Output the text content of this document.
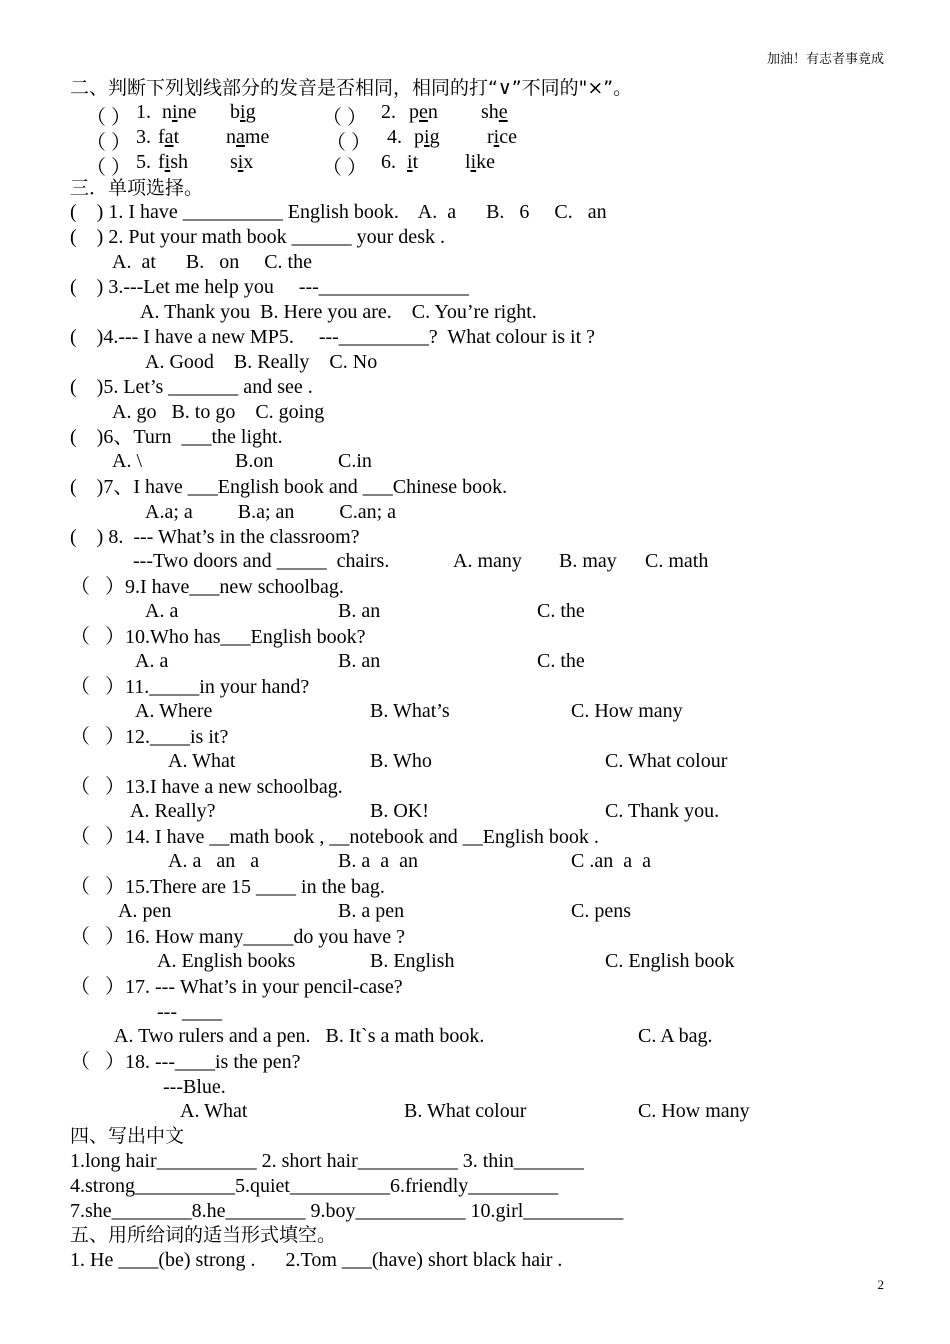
加油！有志者事竟成
二、判断下列划线部分的发音是否相同，相同的打“∨”不同的"×”。
（ ） 1. nine big	（ ） 2. pen she
（ ） 3. fat name	（ ） 4. pig rice
（ ） 5. fish six	（ ） 6. it like
三．单项选择。
(    ) 1. I have __________ English book.    A.  a      B.   6     C.   an
(    ) 2. Put your math book ______ your desk .
A.  at      B.   on     C. the
(    ) 3.---Let me help you     ---_______________
A. Thank you  B. Here you are.    C. You’re right.
(    )4.--- I have a new MP5.     ---_________?  What colour is it ?
A. Good    B. Really    C. No
(    )5. Let’s _______ and see .
A. go   B. to go    C. going
(    )6、Turn  ___the light.
A. \	B.on	C.in
(    )7、I have ___English book and ___Chinese book.
A.a; a         B.a; an         C.an; a
(    ) 8.  --- What’s in the classroom?
---Two doors and _____  chairs.	A. many B. may C. math
（   ）9.I have___new schoolbag.
A. a	B. an	C. the
（   ）10.Who has___English book?
A. a	B. an	C. the
（   ）11._____in your hand?
A. Where	B. What’s	C. How many
（   ）12.____is it?
A. What	B. Who	C. What colour
（   ）13.I have a new schoolbag.
A. Really?	B. OK!	C. Thank you.
（   ）14. I have __math book , __notebook and __English book .
A. a   an   a	B. a  a  an	C .an  a  a
（   ）15.There are 15 ____ in the bag.
A. pen	B. a pen	C. pens
（   ）16. How many_____do you have ?
A. English books	B. English	C. English book
（   ）17. --- What’s in your pencil-case?
--- ____
A. Two rulers and a pen.   B. It`s a math book.	C. A bag.
（   ）18. ---____is the pen?
---Blue.
A. What	B. What colour	C. How many
四、写出中文
1.long hair__________ 2. short hair__________ 3. thin_______
4.strong__________5.quiet__________6.friendly_________
7.she________8.he________ 9.boy___________ 10.girl__________
五、用所给词的适当形式填空。
1. He ____(be) strong .      2.Tom ___(have) short black hair .
2
